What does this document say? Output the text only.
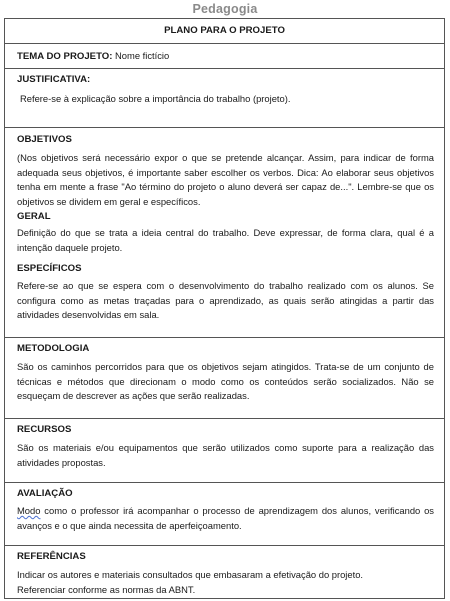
Pedagogia
PLANO PARA O PROJETO
TEMA DO PROJETO: Nome fictício
JUSTIFICATIVA:
Refere-se à explicação sobre a importância do trabalho (projeto).
OBJETIVOS
(Nos objetivos será necessário expor o que se pretende alcançar. Assim, para indicar de forma adequada seus objetivos, é importante saber escolher os verbos. Dica: Ao elaborar seus objetivos tenha em mente a frase "Ao término do projeto o aluno deverá ser capaz de...". Lembre-se que os objetivos se dividem em geral e específicos.
GERAL
Definição do que se trata a ideia central do trabalho. Deve expressar, de forma clara, qual é a intenção daquele projeto.
ESPECÍFICOS
Refere-se ao que se espera com o desenvolvimento do trabalho realizado com os alunos. Se configura como as metas traçadas para o aprendizado, as quais serão atingidas a partir das atividades desenvolvidas em sala.
METODOLOGIA
São os caminhos percorridos para que os objetivos sejam atingidos. Trata-se de um conjunto de técnicas e métodos que direcionam o modo como os conteúdos serão socializados. Não se esqueçam de descrever as ações que serão realizadas.
RECURSOS
São os materiais e/ou equipamentos que serão utilizados como suporte para a realização das atividades propostas.
AVALIAÇÃO
Modo como o professor irá acompanhar o processo de aprendizagem dos alunos, verificando os avanços e o que ainda necessita de aperfeiçoamento.
REFERÊNCIAS
Indicar os autores e materiais consultados que embasaram a efetivação do projeto.
Referenciar conforme as normas da ABNT.
